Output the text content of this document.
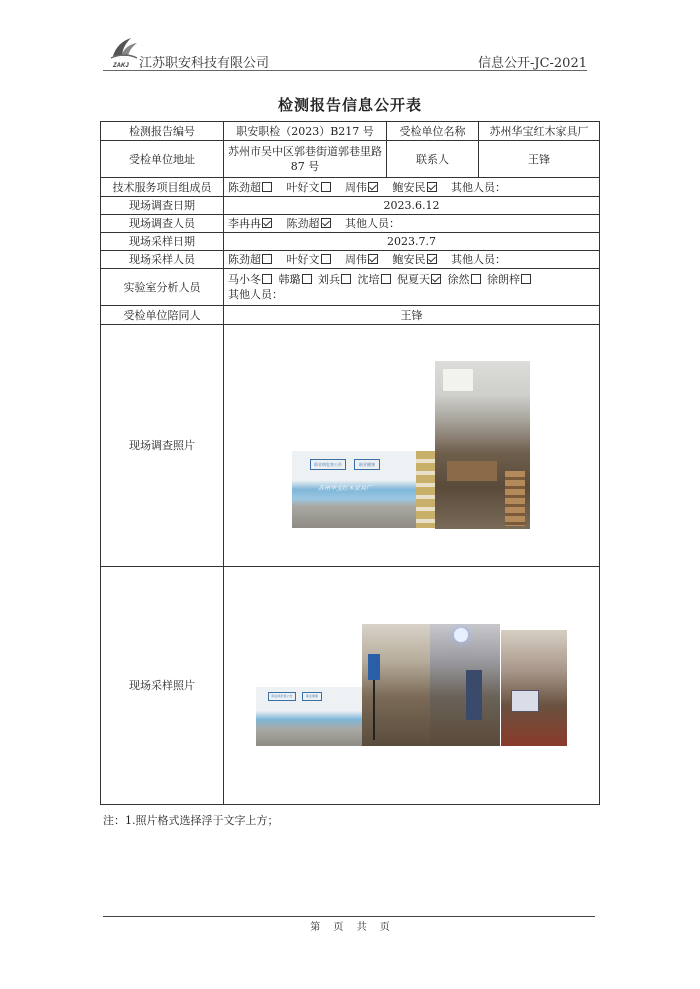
ZAKJ 江苏职安科技有限公司	信息公开-JC-2021
检测报告信息公开表
检测报告编号	职安职检（2023）B217 号	受检单位名称	苏州华宝红木家具厂
受检单位地址	苏州市吴中区郭巷街道郭巷里路 87 号	联系人	王锋
技术服务项目组成员	陈劲超 叶好文 周伟 鲍安民 其他人员：		
现场调查日期	2023.6.12		
现场调查人员	李冉冉 陈劲超 其他人员：		
现场采样日期	2023.7.7		
现场采样人员	陈劲超 叶好文 周伟 鲍安民 其他人员：		
实验室分析人员	马小冬 韩璐 刘兵 沈培 倪夏天 徐然 徐朗梓
其他人员：		

受检单位陪同人	王锋		
现场调查照片	职业病危害公告 职业健康
苏州华宝红木家具厂		

现场采样照片	职业病危害公告 职业健康		
注：1.照片格式选择浮于文字上方；
第 页 共 页
